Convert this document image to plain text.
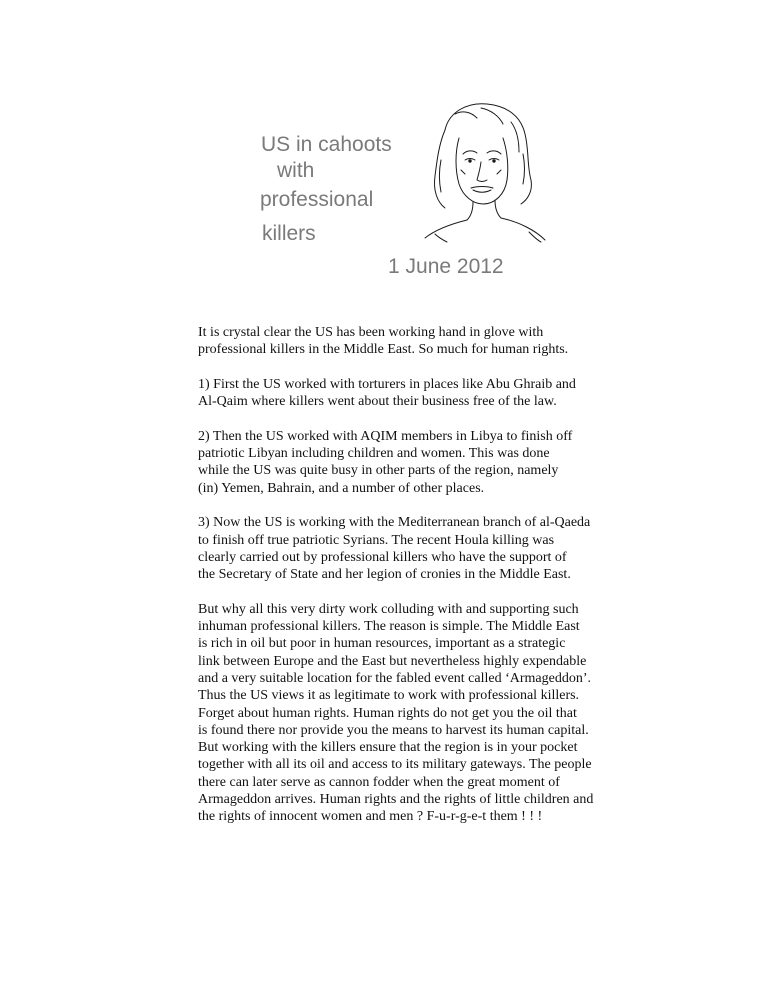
US in cahoots
with
professional
killers
1 June 2012
It is crystal clear the US has been working hand in glove with
professional killers in the Middle East. So much for human rights.
1) First the US worked with torturers in places like Abu Ghraib and
Al-Qaim where killers went about their business free of the law.
2) Then the US worked with AQIM members in Libya to finish off
patriotic Libyan including children and women. This was done
while the US was quite busy in other parts of the region, namely
(in) Yemen, Bahrain, and a number of other places.
3) Now the US is working with the Mediterranean branch of al-Qaeda
to finish off true patriotic Syrians. The recent Houla killing was
clearly carried out by professional killers who have the support of
the Secretary of State and her legion of cronies in the Middle East.
But why all this very dirty work colluding with and supporting such
inhuman professional killers. The reason is simple. The Middle East
is rich in oil but poor in human resources, important as a strategic
link between Europe and the East but nevertheless highly expendable
and a very suitable location for the fabled event called ‘Armageddon’.
Thus the US views it as legitimate to work with professional killers.
Forget about human rights. Human rights do not get you the oil that
is found there nor provide you the means to harvest its human capital.
But working with the killers ensure that the region is in your pocket
together with all its oil and access to its military gateways. The people
there can later serve as cannon fodder when the great moment of
Armageddon arrives. Human rights and the rights of little children and
the rights of innocent women and men ? F-u-r-g-e-t them ! ! !
